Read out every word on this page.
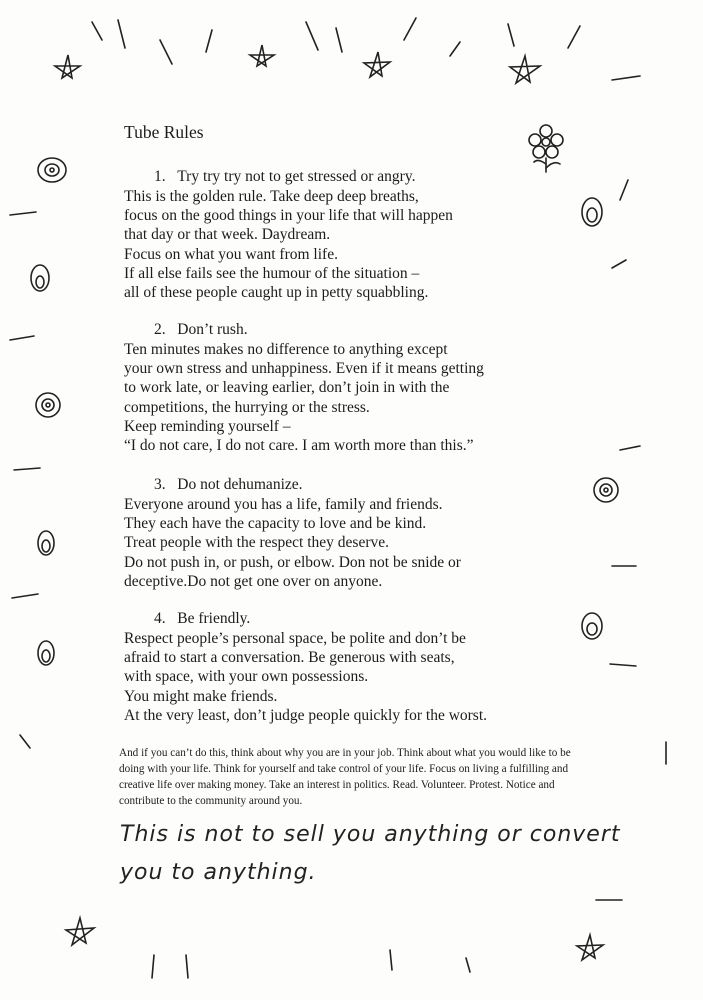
Tube Rules
1. Try try try not to get stressed or angry.
This is the golden rule. Take deep deep breaths,
focus on the good things in your life that will happen
that day or that week. Daydream.
Focus on what you want from life.
If all else fails see the humour of the situation –
all of these people caught up in petty squabbling.
2. Don’t rush.
Ten minutes makes no difference to anything except
your own stress and unhappiness. Even if it means getting
to work late, or leaving earlier, don’t join in with the
competitions, the hurrying or the stress.
Keep reminding yourself –
“I do not care, I do not care. I am worth more than this.”
3. Do not dehumanize.
Everyone around you has a life, family and friends.
They each have the capacity to love and be kind.
Treat people with the respect they deserve.
Do not push in, or push, or elbow. Don not be snide or
deceptive.Do not get one over on anyone.
4. Be friendly.
Respect people’s personal space, be polite and don’t be
afraid to start a conversation. Be generous with seats,
with space, with your own possessions.
You might make friends.
At the very least, don’t judge people quickly for the worst.
And if you can’t do this, think about why you are in your job. Think about what you would like to be
doing with your life. Think for yourself and take control of your life. Focus on living a fulfilling and
creative life over making money. Take an interest in politics. Read. Volunteer. Protest. Notice and
contribute to the community around you.
This is not to sell you anything or convert
you to anything.
